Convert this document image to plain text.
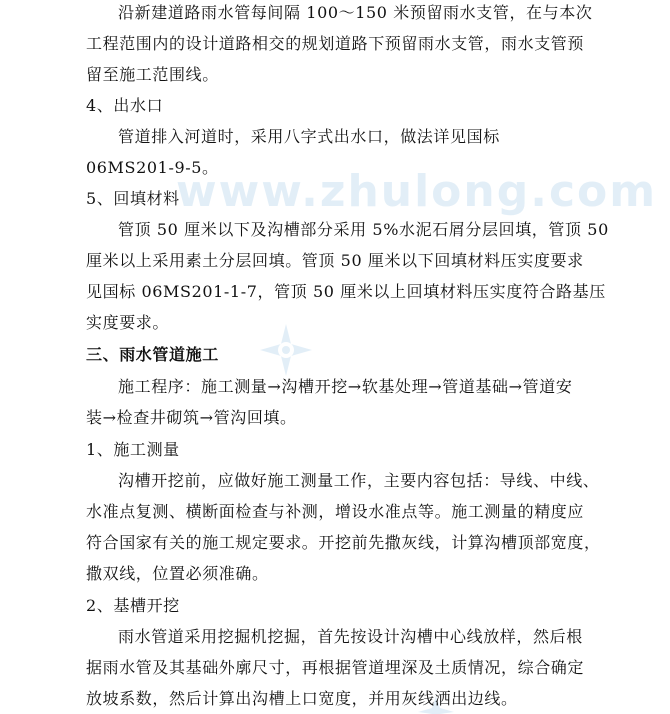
www.zhulong.com
沿新建道路雨水管每间隔 100～150 米预留雨水支管，在与本次
工程范围内的设计道路相交的规划道路下预留雨水支管，雨水支管预
留至施工范围线。
4、出水口
管道排入河道时，采用八字式出水口，做法详见国标
06MS201-9-5。
5、回填材料
管顶 50 厘米以下及沟槽部分采用 5%水泥石屑分层回填，管顶 50
厘米以上采用素土分层回填。管顶 50 厘米以下回填材料压实度要求
见国标 06MS201-1-7，管顶 50 厘米以上回填材料压实度符合路基压
实度要求。
三、雨水管道施工
施工程序：施工测量→沟槽开挖→软基处理→管道基础→管道安
装→检查井砌筑→管沟回填。
1、施工测量
沟槽开挖前，应做好施工测量工作，主要内容包括：导线、中线、
水准点复测、横断面检查与补测，增设水准点等。施工测量的精度应
符合国家有关的施工规定要求。开挖前先撒灰线，计算沟槽顶部宽度，
撒双线，位置必须准确。
2、基槽开挖
雨水管道采用挖掘机挖掘，首先按设计沟槽中心线放样，然后根
据雨水管及其基础外廓尺寸，再根据管道埋深及土质情况，综合确定
放坡系数，然后计算出沟槽上口宽度，并用灰线洒出边线。
